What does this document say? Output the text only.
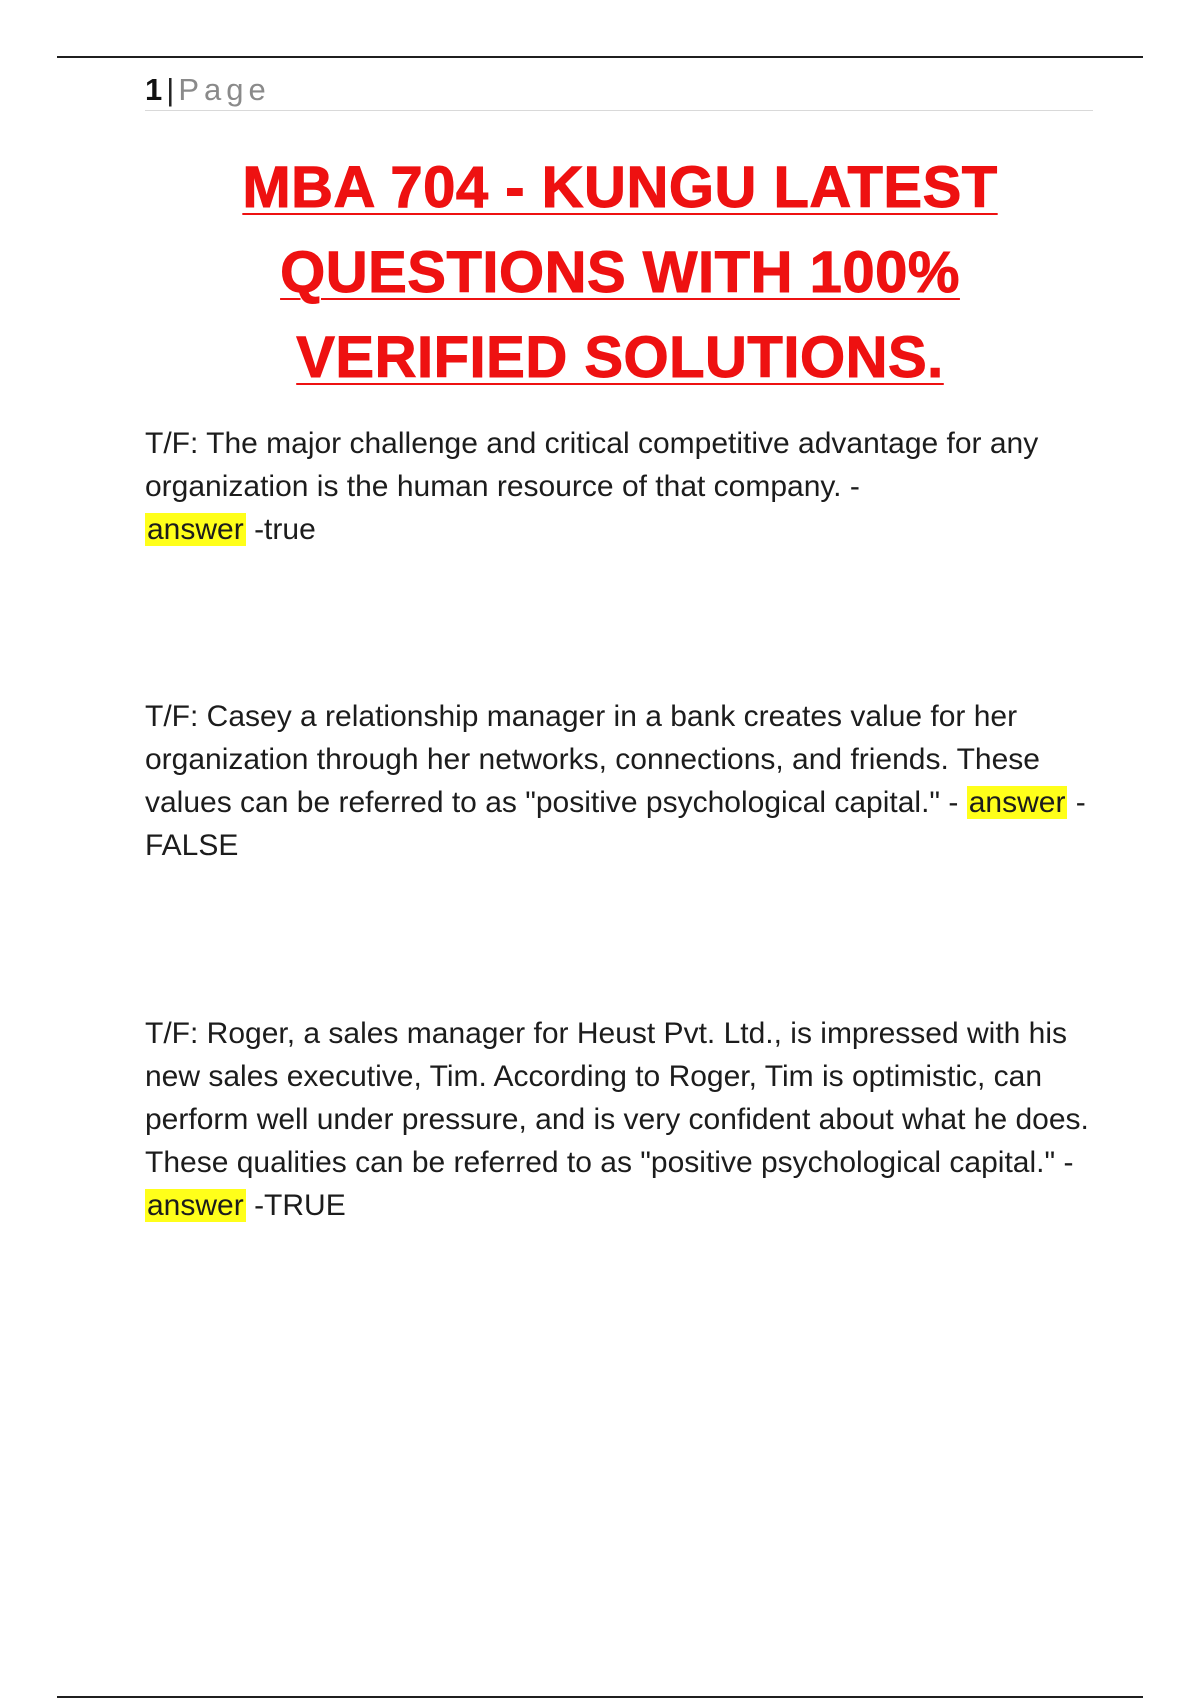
1 | Page
MBA 704 - KUNGU LATEST
QUESTIONS WITH 100%
VERIFIED SOLUTIONS.

T/F: The major challenge and critical competitive advantage for any organization is the human resource of that company. -
answer -true

T/F: Casey a relationship manager in a bank creates value for her organization through her networks, connections, and friends. These values can be referred to as "positive psychological capital." - answer -FALSE

T/F: Roger, a sales manager for Heust Pvt. Ltd., is impressed with his new sales executive, Tim. According to Roger, Tim is optimistic, can perform well under pressure, and is very confident about what he does. These qualities can be referred to as "positive psychological capital." - answer -TRUE
